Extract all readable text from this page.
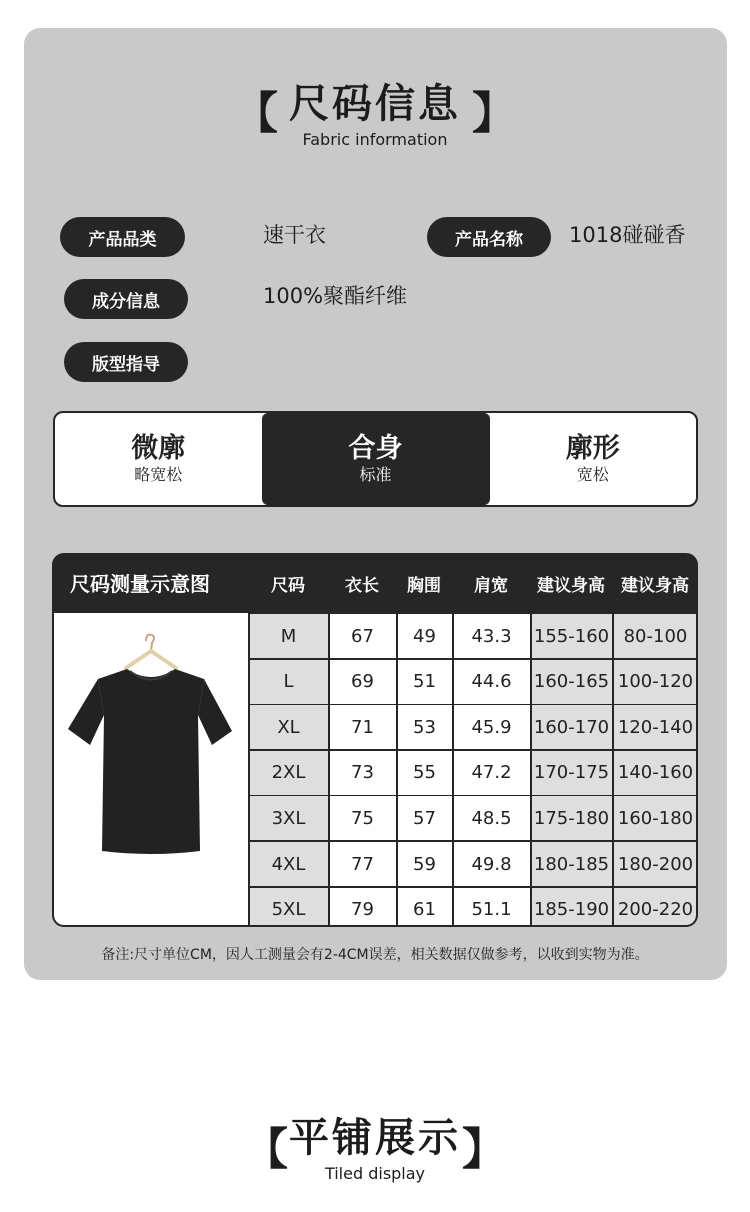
【 尺码信息
Fabric information
】
产品品类	速干衣	产品名称	1018碰碰香
成分信息	100%聚酯纤维
版型指导
微廓
略宽松
合身
标准
廓形
宽松
尺码测量示意图	尺码	衣长	胸围	肩宽	建议身高 建议身高
M	67	49	43.3	155-160 80-100
L	69	51	44.6	160-165 100-120
XL	71	53	45.9	160-170 120-140
2XL	73	55	47.2	170-175 140-160
3XL	75	57	48.5	175-180 160-180
4XL	77	59	49.8	180-185 180-200
5XL	79	61	51.1	185-190 200-220
备注:尺寸单位CM，因人工测量会有2-4CM误差，相关数据仅做参考，以收到实物为准。
【 平铺展示
Tiled display 】
